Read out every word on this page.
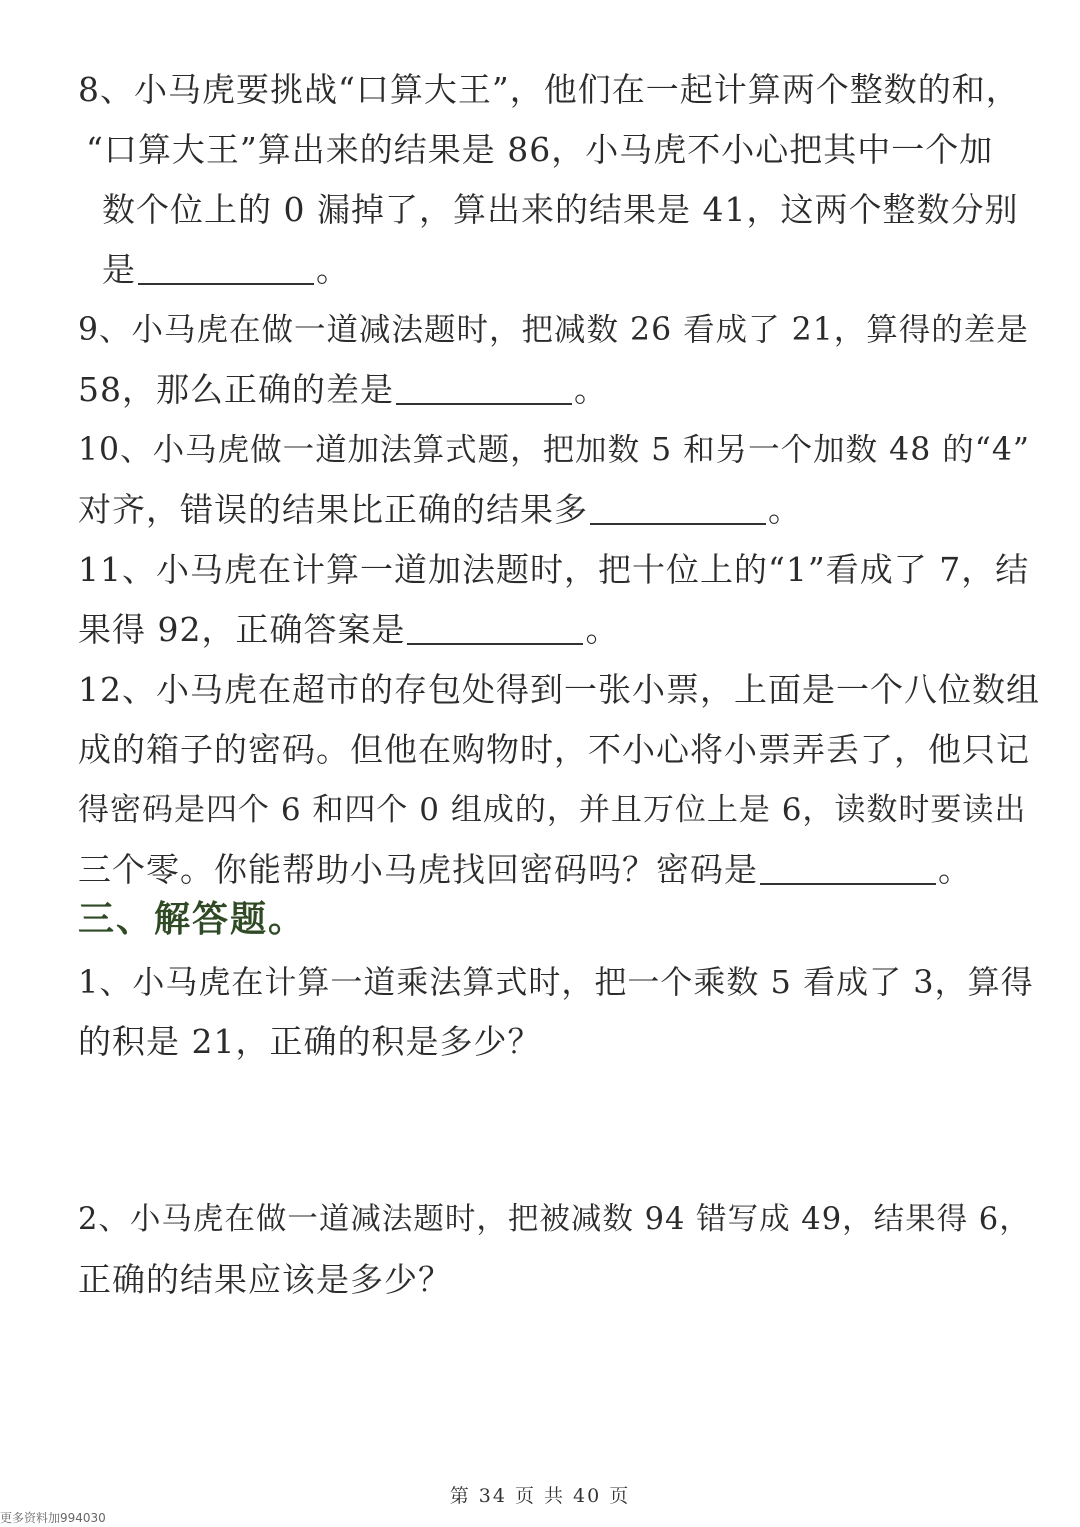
8、小马虎要挑战“口算大王”，他们在一起计算两个整数的和，
“口算大王”算出来的结果是 86，小马虎不小心把其中一个加
数个位上的 0 漏掉了，算出来的结果是 41，这两个整数分别
是	。
9、小马虎在做一道减法题时，把减数 26 看成了 21，算得的差是
58，那么正确的差是	。
10、小马虎做一道加法算式题，把加数 5 和另一个加数 48 的“4”
对齐，错误的结果比正确的结果多	。
11、小马虎在计算一道加法题时，把十位上的“1”看成了 7，结
果得 92，正确答案是	。
12、小马虎在超市的存包处得到一张小票，上面是一个八位数组
成的箱子的密码。但他在购物时，不小心将小票弄丢了，他只记
得密码是四个 6 和四个 0 组成的，并且万位上是 6，读数时要读出
三个零。你能帮助小马虎找回密码吗？密码是	。
三、解答题。
1、小马虎在计算一道乘法算式时，把一个乘数 5 看成了 3，算得
的积是 21，正确的积是多少？
2、小马虎在做一道减法题时，把被减数 94 错写成 49，结果得 6，
正确的结果应该是多少？
第 34 页 共 40 页
更多资料加994030
